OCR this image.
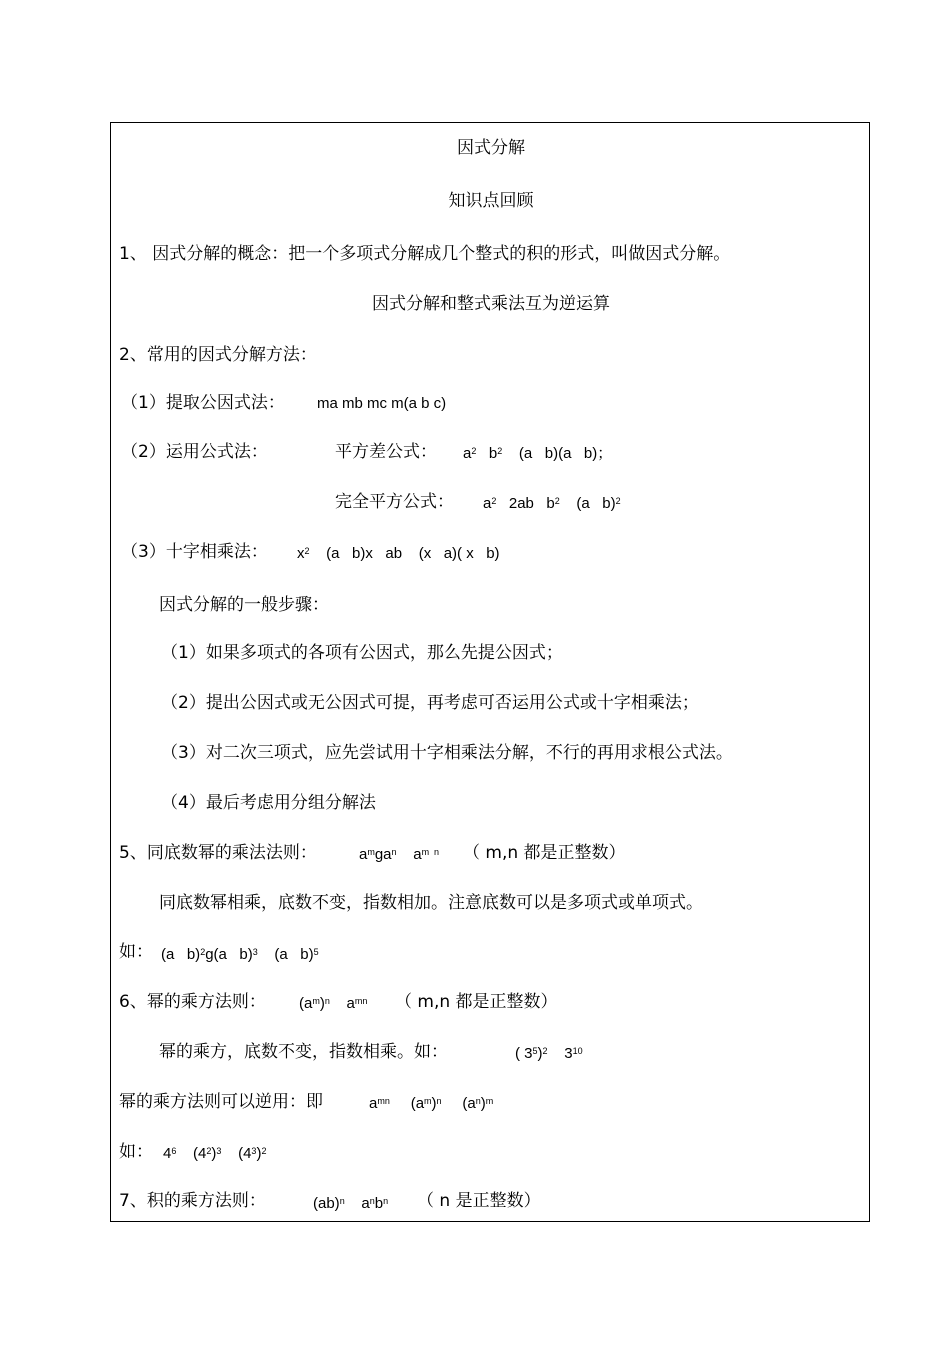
因式分解
知识点回顾
1、 因式分解的概念：把一个多项式分解成几个整式的积的形式，叫做因式分解。
因式分解和整式乘法互为逆运算
2、常用的因式分解方法：
（1）提取公因式法： ma mb mc m(a b c)
（2）运用公式法：	平方差公式： $a^2$   $b^2$    (a   b)(a   b)；
完全平方公式： $a^2$   2ab   $b^2$    (a   b)$^2$
（3）十字相乘法： $x^2$    (a   b)x   ab    (x   a)( x   b)
因式分解的一般步骤：
（1）如果多项式的各项有公因式，那么先提公因式；
（2）提出公因式或无公因式可提，再考虑可否运用公式或十字相乘法；
（3）对二次三项式，应先尝试用十字相乘法分解，不行的再用求根公式法。
（4）最后考虑用分组分解法
5、同底数幂的乘法法则：	$a^mga^n$    $a^{m n}$ （ m,n 都是正整数）
同底数幂相乘，底数不变，指数相加。注意底数可以是多项式或单项式。
如： (a   b)$^2$g(a   b)$^3$    (a   b)$^5$
6、幂的乘方法则： $(a^m)^n$    $a^{mn}$ （ m,n 都是正整数）
幂的乘方，底数不变，指数相乘。如：	( $3^5)^2$    $3^{10}$
幂的乘方法则可以逆用：即	$a^{mn}$     $(a^m)^n$     $(a^n)^m$
如： $4^6$    $(4^2)^3$    $(4^3)^2$
7、积的乘方法则：	(ab)$^n$    $a^nb^n$ （ n 是正整数）
